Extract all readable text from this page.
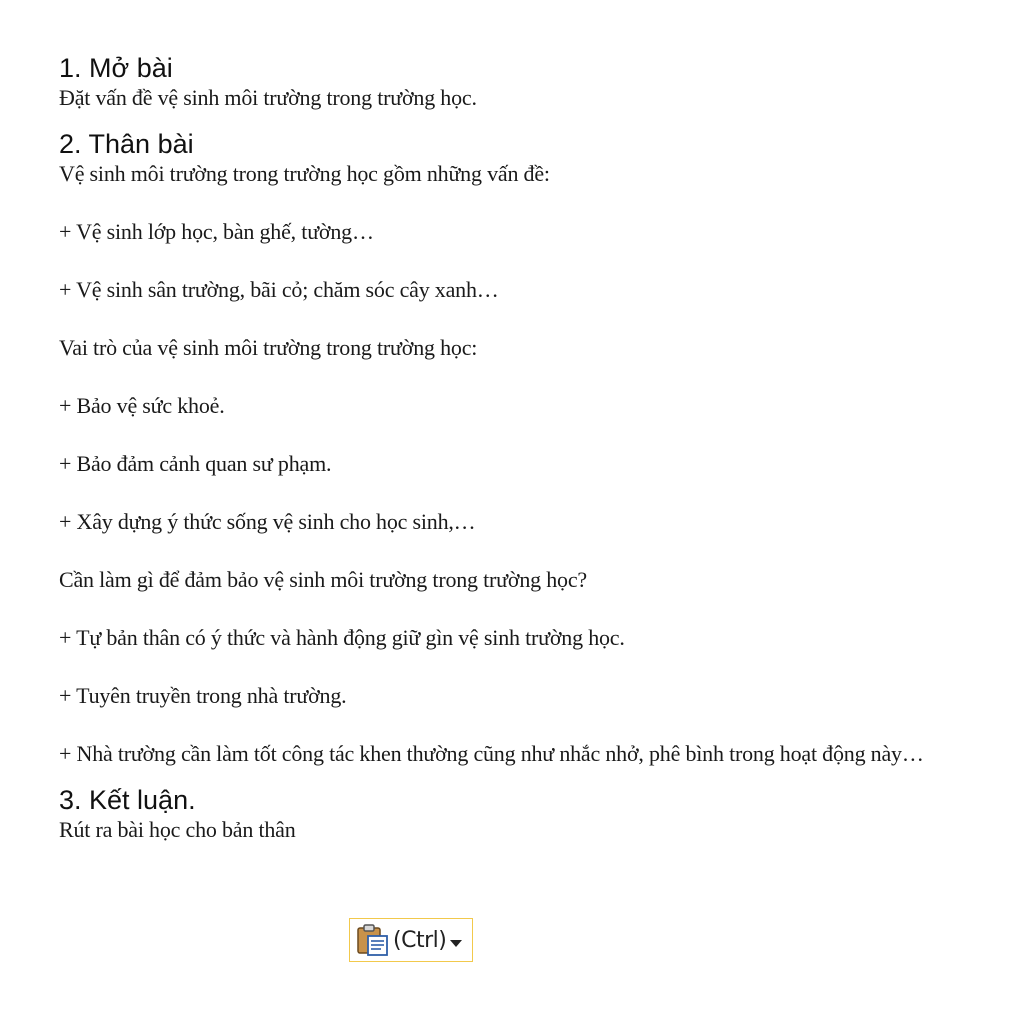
1. Mở bài

Đặt vấn đề vệ sinh môi trường trong trường học.

2. Thân bài

Vệ sinh môi trường trong trường học gồm những vấn đề:

+ Vệ sinh lớp học, bàn ghế, tường…

+ Vệ sinh sân trường, bãi cỏ; chăm sóc cây xanh…

Vai trò của vệ sinh môi trường trong trường học:

+ Bảo vệ sức khoẻ.

+ Bảo đảm cảnh quan sư phạm.

+ Xây dựng ý thức sống vệ sinh cho học sinh,…

Cần làm gì để đảm bảo vệ sinh môi trường trong trường học?

+ Tự bản thân có ý thức và hành động giữ gìn vệ sinh trường học.

+ Tuyên truyền trong nhà trường.

+ Nhà trường cần làm tốt công tác khen thường cũng như nhắc nhở, phê bình trong hoạt động này…

3. Kết luận.

Rút ra bài học cho bản thân

(Ctrl)
